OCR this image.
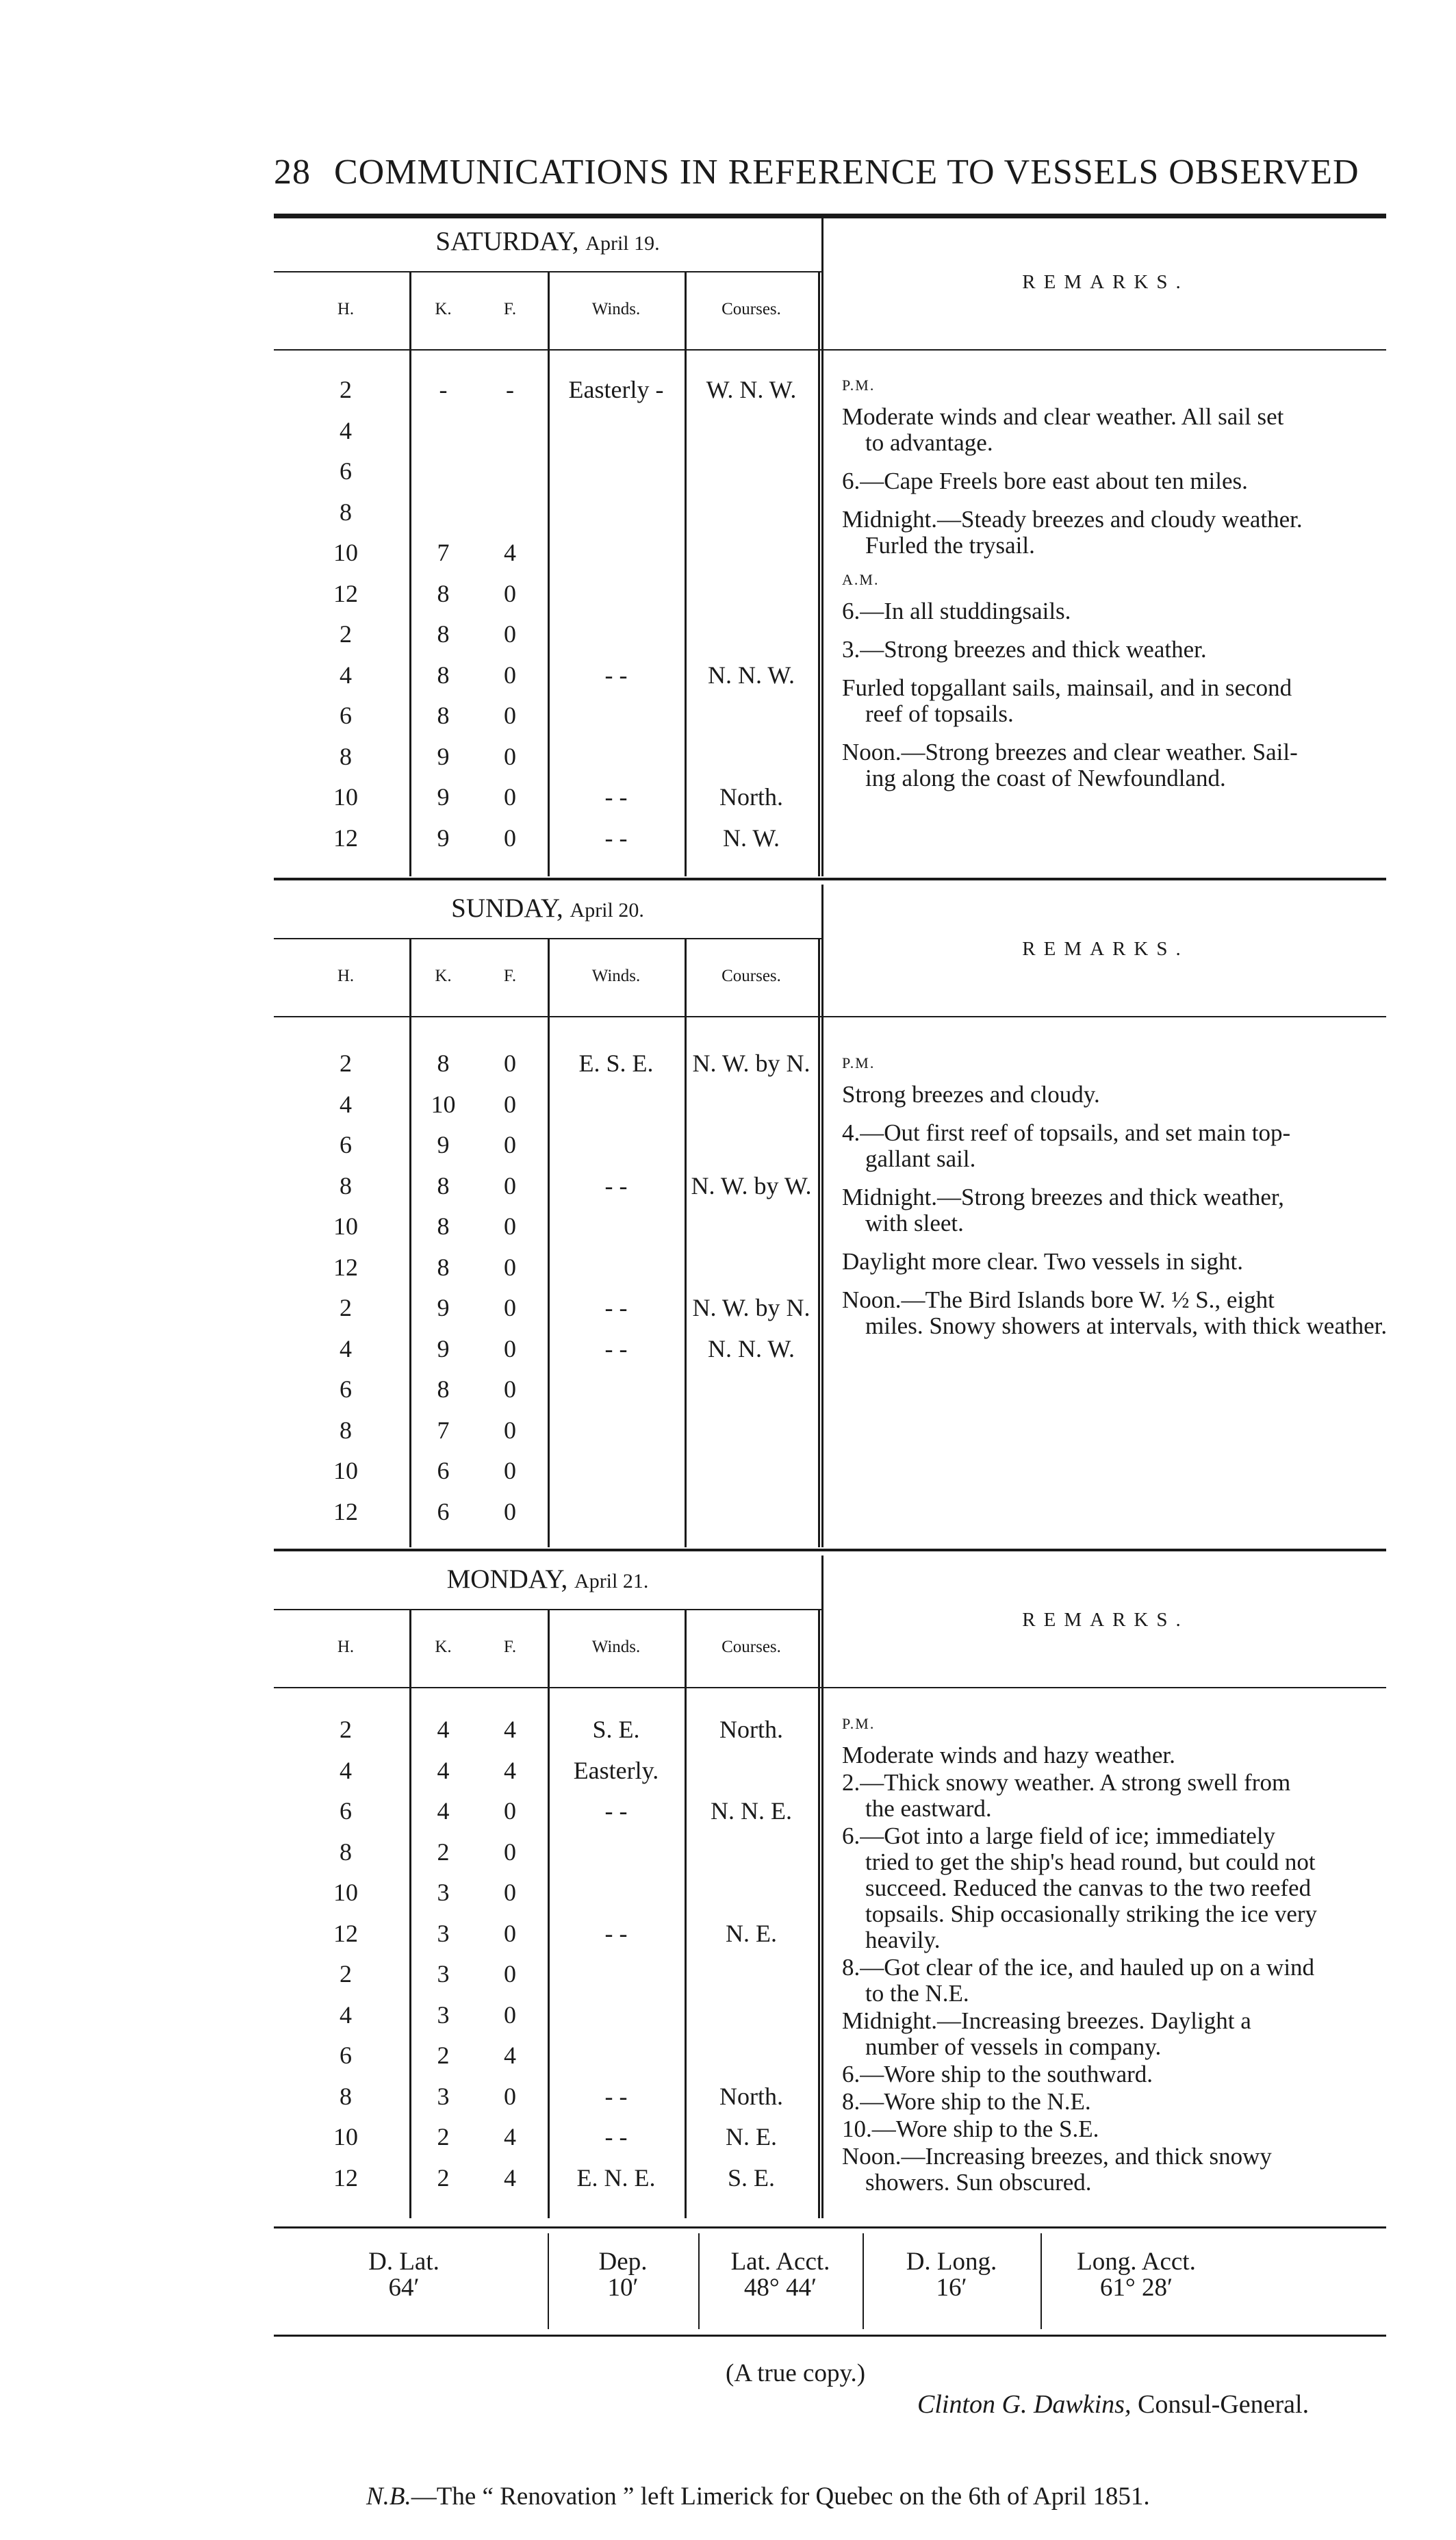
28 COMMUNICATIONS IN REFERENCE TO VESSELS OBSERVED
(A true copy.)
Clinton G. Dawkins, Consul-General.
N.B.—The “ Renovation ” left Limerick for Quebec on the 6th of April 1851.
SATURDAY, April 19.
H.	K.	F.	Winds.	Courses.
REMARKS.
2	-	-	Easterly -	W. N. W.
4
6
8
10	7	4
12	8	0
2	8	0
4	8	0	- -	N. N. W.
6	8	0
8	9	0
10	9	0	- -	North.
12	9	0	- -	N. W.
P.M.
Moderate winds and clear weather. All sail set
to advantage.
6.—Cape Freels bore east about ten miles.
Midnight.—Steady breezes and cloudy weather.
Furled the trysail.
A.M.
6.—In all studdingsails.
3.—Strong breezes and thick weather.
Furled topgallant sails, mainsail, and in second
reef of topsails.
Noon.—Strong breezes and clear weather. Sail-
ing along the coast of Newfoundland.
SUNDAY, April 20.
H.	K.	F.	Winds.	Courses.
REMARKS.
2	8	0	E. S. E.	N. W. by N.
4	10	0
6	9	0
8	8	0	- -	N. W. by W.
10	8	0
12	8	0
2	9	0	- -	N. W. by N.
4	9	0	- -	N. N. W.
6	8	0
8	7	0
10	6	0
12	6	0
P.M.
Strong breezes and cloudy.
4.—Out first reef of topsails, and set main top-
gallant sail.
Midnight.—Strong breezes and thick weather,
with sleet.
Daylight more clear. Two vessels in sight.
Noon.—The Bird Islands bore W. ½ S., eight
miles. Snowy showers at intervals, with thick weather.
MONDAY, April 21.
H.	K.	F.	Winds.	Courses.
REMARKS.
2	4	4	S. E.	North.
4	4	4	Easterly.
6	4	0	- -	N. N. E.
8	2	0
10	3	0
12	3	0	- -	N. E.
2	3	0
4	3	0
6	2	4
8	3	0	- -	North.
10	2	4	- -	N. E.
12	2	4	E. N. E.	S. E.
P.M.
Moderate winds and hazy weather.
2.—Thick snowy weather. A strong swell from
the eastward.
6.—Got into a large field of ice; immediately
tried to get the ship's head round, but could not succeed. Reduced the canvas to the two reefed topsails. Ship occasionally striking the ice very heavily.
8.—Got clear of the ice, and hauled up on a wind
to the N.E.
Midnight.—Increasing breezes. Daylight a
number of vessels in company.
6.—Wore ship to the southward.
8.—Wore ship to the N.E.
10.—Wore ship to the S.E.
Noon.—Increasing breezes, and thick snowy
showers. Sun obscured.
D. Lat.
64′
Dep.
10′
Lat. Acct.
48° 44′
D. Long.
16′
Long. Acct.
61° 28′
